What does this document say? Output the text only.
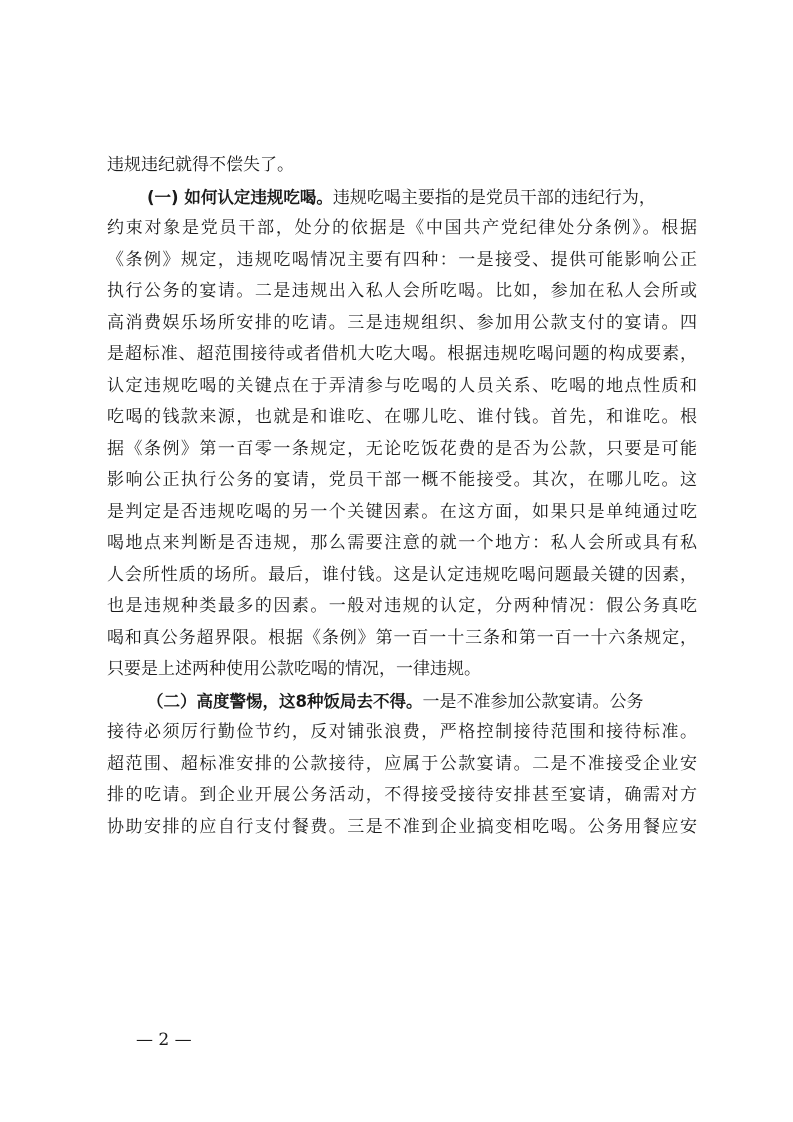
违规违纪就得不偿失了。
(一) 如何认定违规吃喝。违规吃喝主要指的是党员干部的违纪行为，
约束对象是党员干部，处分的依据是《中国共产党纪律处分条例》。根据
《条例》规定，违规吃喝情况主要有四种：一是接受、提供可能影响公正
执行公务的宴请。二是违规出入私人会所吃喝。比如，参加在私人会所或
高消费娱乐场所安排的吃请。三是违规组织、参加用公款支付的宴请。四
是超标准、超范围接待或者借机大吃大喝。根据违规吃喝问题的构成要素，
认定违规吃喝的关键点在于弄清参与吃喝的人员关系、吃喝的地点性质和
吃喝的钱款来源，也就是和谁吃、在哪儿吃、谁付钱。首先，和谁吃。根
据《条例》第一百零一条规定，无论吃饭花费的是否为公款，只要是可能
影响公正执行公务的宴请，党员干部一概不能接受。其次，在哪儿吃。这
是判定是否违规吃喝的另一个关键因素。在这方面，如果只是单纯通过吃
喝地点来判断是否违规，那么需要注意的就一个地方：私人会所或具有私
人会所性质的场所。最后，谁付钱。这是认定违规吃喝问题最关键的因素，
也是违规种类最多的因素。一般对违规的认定，分两种情况：假公务真吃
喝和真公务超界限。根据《条例》第一百一十三条和第一百一十六条规定，
只要是上述两种使用公款吃喝的情况，一律违规。
（二）高度警惕，这8种饭局去不得。一是不准参加公款宴请。公务
接待必须厉行勤俭节约，反对铺张浪费，严格控制接待范围和接待标准。
超范围、超标准安排的公款接待，应属于公款宴请。二是不准接受企业安
排的吃请。到企业开展公务活动，不得接受接待安排甚至宴请，确需对方
协助安排的应自行支付餐费。三是不准到企业搞变相吃喝。公务用餐应安
— 2 —
